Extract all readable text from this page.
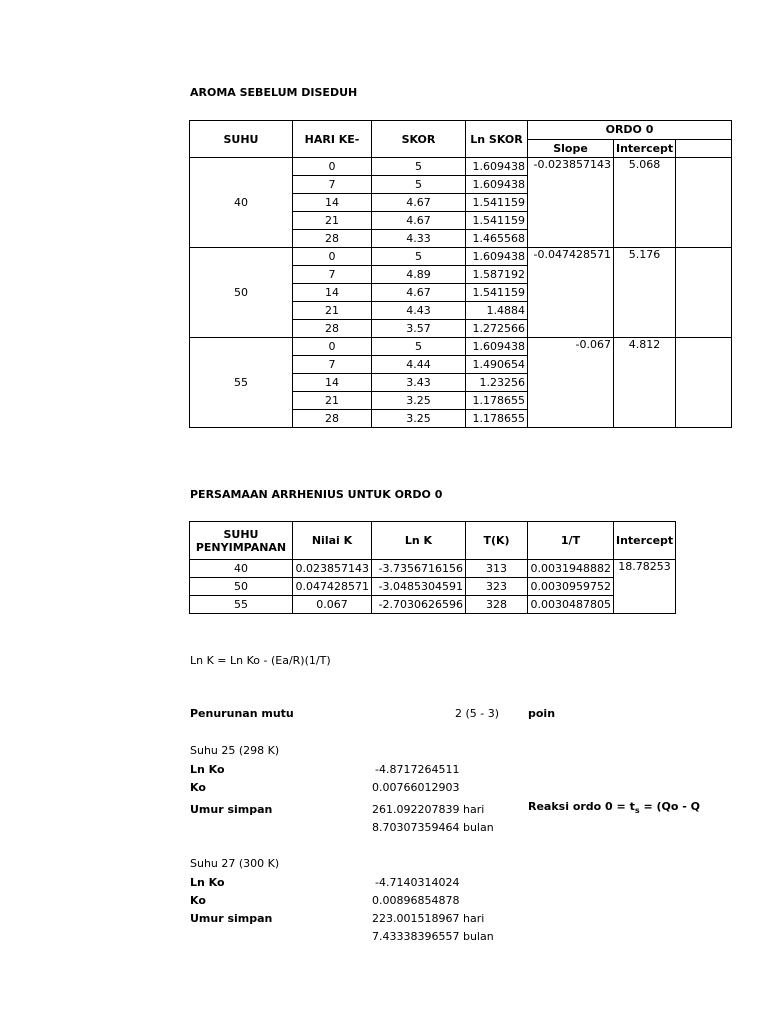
AROMA SEBELUM DISEDUH
SUHU	HARI KE-	SKOR	Ln SKOR	ORDO 0		
				Slope	Intercept	
40	0	5	1.609438	-0.023857143	5.068	
	7	5	1.609438			
	14	4.67	1.541159			
	21	4.67	1.541159			
	28	4.33	1.465568			
50	0	5	1.609438	-0.047428571	5.176	
	7	4.89	1.587192			
	14	4.67	1.541159			
	21	4.43	1.4884			
	28	3.57	1.272566			
55	0	5	1.609438	-0.067	4.812	
	7	4.44	1.490654			
	14	3.43	1.23256			
	21	3.25	1.178655			
	28	3.25	1.178655			
PERSAMAAN ARRHENIUS UNTUK ORDO 0
SUHU
PENYIMPANAN	Nilai K	Ln K	T(K)	1/T	Intercept
40	0.023857143	-3.7356716156	313	0.0031948882	18.78253
50	0.047428571	-3.0485304591	323	0.0030959752	
55	0.067	-2.7030626596	328	0.0030487805	
Ln K = Ln Ko - (Ea/R)(1/T)
Penurunan mutu	2 (5 - 3)	poin
Suhu 25 (298 K)
Ln Ko	-4.8717264511
Ko	0.00766012903
Umur simpan	261.092207839 hari
8.70307359464 bulan
Reaksi ordo $0 = t_s = (Qo - Q$
Suhu 27 (300 K)
Ln Ko	-4.7140314024
Ko	0.00896854878
Umur simpan	223.001518967 hari
7.43338396557 bulan
